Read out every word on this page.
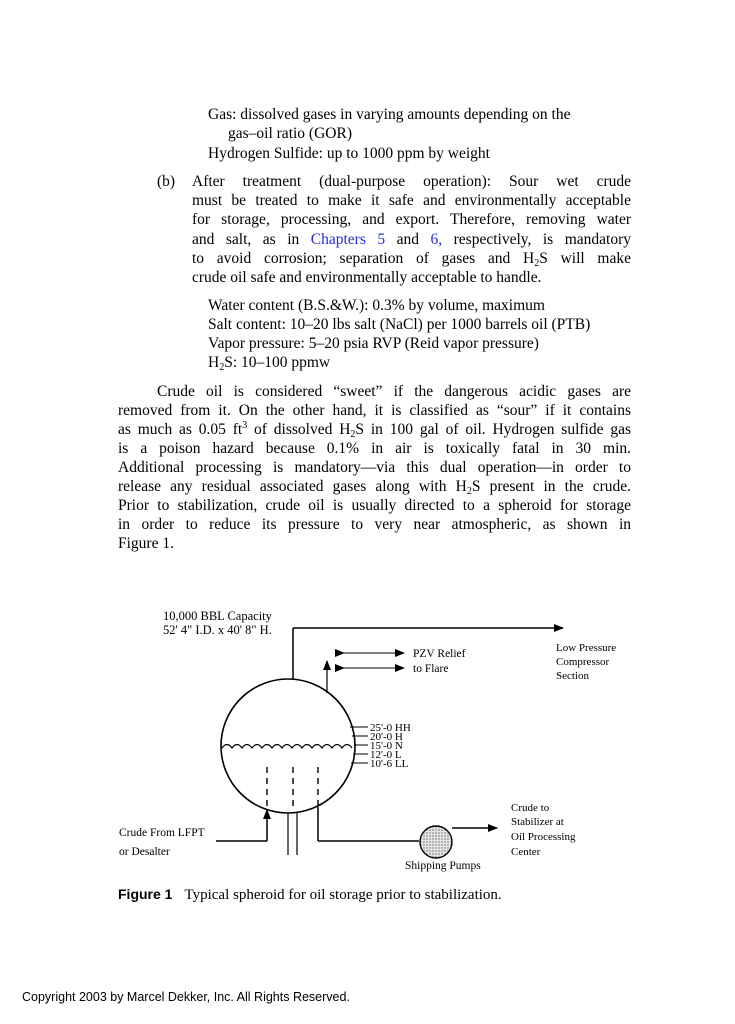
Gas: dissolved gases in varying amounts depending on the
gas–oil ratio (GOR)
Hydrogen Sulfide: up to 1000 ppm by weight
(b) After treatment (dual-purpose operation): Sour wet crude
must be treated to make it safe and environmentally acceptable
for storage, processing, and export. Therefore, removing water
and salt, as in Chapters 5 and 6, respectively, is mandatory
to avoid corrosion; separation of gases and $H_2S$ will make
crude oil safe and environmentally acceptable to handle.
Water content (B.S.&W.): 0.3% by volume, maximum
Salt content: 10–20 lbs salt (NaCl) per 1000 barrels oil (PTB)
Vapor pressure: 5–20 psia RVP (Reid vapor pressure)
$H_2S$: 10–100 ppmw
Crude oil is considered “sweet” if the dangerous acidic gases are
removed from it. On the other hand, it is classified as “sour” if it contains
as much as 0.05 $ft^3$ of dissolved $H_2S$ in 100 gal of oil. Hydrogen sulfide gas
is a poison hazard because 0.1% in air is toxically fatal in 30 min.
Additional processing is mandatory—via this dual operation—in order to
release any residual associated gases along with $H_2S$ present in the crude.
Prior to stabilization, crude oil is usually directed to a spheroid for storage
in order to reduce its pressure to very near atmospheric, as shown in
Figure 1.
10,000 BBL Capacity
52' 4" I.D. x 40' 8" H.
PZV Relief
to Flare
Low Pressure
Compressor
Section
25'-0 HH
20'-0 H
15'-0 N
12'-0 L
10'-6 LL
Crude From LFPT
or Desalter
Shipping Pumps
Crude to
Stabilizer at
Oil Processing
Center
Figure 1 Typical spheroid for oil storage prior to stabilization.
Copyright 2003 by Marcel Dekker, Inc. All Rights Reserved.
